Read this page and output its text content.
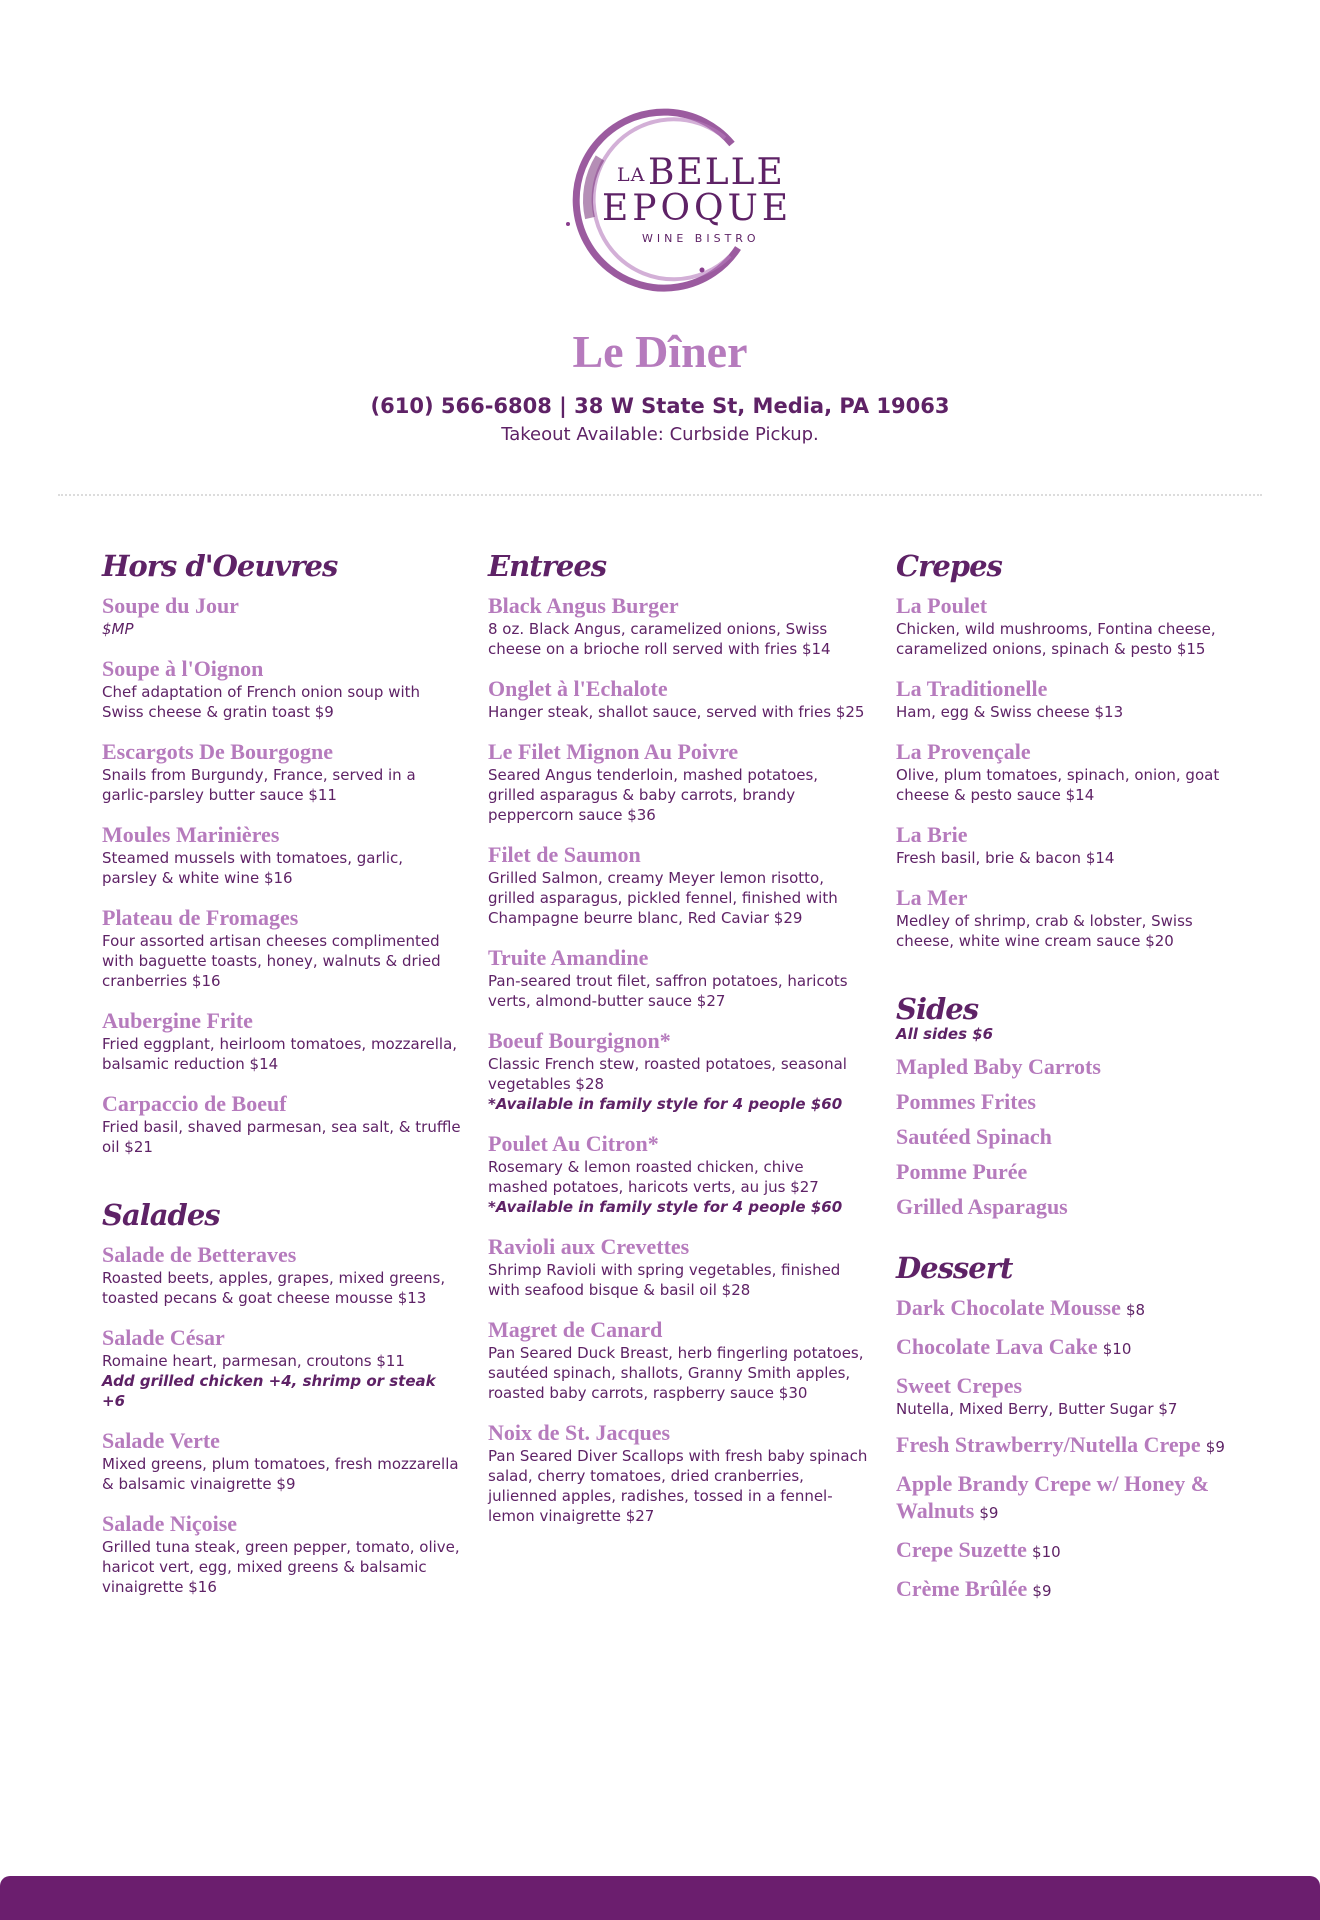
LA BELLE
EPOQUE
WINE BISTRO
Le Dîner
(610) 566-6808 | 38 W State St, Media, PA 19063
Takeout Available: Curbside Pickup.
Hors d'Oeuvres
Soupe du Jour
$MP
Soupe à l'Oignon
Chef adaptation of French onion soup with Swiss cheese & gratin toast $9
Escargots De Bourgogne
Snails from Burgundy, France, served in a garlic-parsley butter sauce $11
Moules Marinières
Steamed mussels with tomatoes, garlic, parsley & white wine $16
Plateau de Fromages
Four assorted artisan cheeses complimented with baguette toasts, honey, walnuts & dried cranberries $16
Aubergine Frite
Fried eggplant, heirloom tomatoes, mozzarella, balsamic reduction $14
Carpaccio de Boeuf
Fried basil, shaved parmesan, sea salt, & truffle oil $21
Salades
Salade de Betteraves
Roasted beets, apples, grapes, mixed greens, toasted pecans & goat cheese mousse $13
Salade César
Romaine heart, parmesan, croutons $11
Add grilled chicken +4, shrimp or steak +6
Salade Verte
Mixed greens, plum tomatoes, fresh mozzarella & balsamic vinaigrette $9
Salade Niçoise
Grilled tuna steak, green pepper, tomato, olive, haricot vert, egg, mixed greens & balsamic vinaigrette $16
Entrees
Black Angus Burger
8 oz. Black Angus, caramelized onions, Swiss cheese on a brioche roll served with fries $14
Onglet à l'Echalote
Hanger steak, shallot sauce, served with fries $25
Le Filet Mignon Au Poivre
Seared Angus tenderloin, mashed potatoes, grilled asparagus & baby carrots, brandy peppercorn sauce $36
Filet de Saumon
Grilled Salmon, creamy Meyer lemon risotto, grilled asparagus, pickled fennel, finished with Champagne beurre blanc, Red Caviar $29
Truite Amandine
Pan-seared trout filet, saffron potatoes, haricots verts, almond-butter sauce $27
Boeuf Bourgignon*
Classic French stew, roasted potatoes, seasonal vegetables $28
*Available in family style for 4 people $60
Poulet Au Citron*
Rosemary & lemon roasted chicken, chive mashed potatoes, haricots verts, au jus $27
*Available in family style for 4 people $60
Ravioli aux Crevettes
Shrimp Ravioli with spring vegetables, finished with seafood bisque & basil oil $28
Magret de Canard
Pan Seared Duck Breast, herb fingerling potatoes, sautéed spinach, shallots, Granny Smith apples, roasted baby carrots, raspberry sauce $30
Noix de St. Jacques
Pan Seared Diver Scallops with fresh baby spinach salad, cherry tomatoes, dried cranberries, julienned apples, radishes, tossed in a fennel-lemon vinaigrette $27
Crepes
La Poulet
Chicken, wild mushrooms, Fontina cheese, caramelized onions, spinach & pesto $15
La Traditionelle
Ham, egg & Swiss cheese $13
La Provençale
Olive, plum tomatoes, spinach, onion, goat cheese & pesto sauce $14
La Brie
Fresh basil, brie & bacon $14
La Mer
Medley of shrimp, crab & lobster, Swiss cheese, white wine cream sauce $20
Sides
All sides $6
Mapled Baby Carrots
Pommes Frites
Sautéed Spinach
Pomme Purée
Grilled Asparagus
Dessert
Dark Chocolate Mousse $8
Chocolate Lava Cake $10
Sweet Crepes
Nutella, Mixed Berry, Butter Sugar $7
Fresh Strawberry/Nutella Crepe $9
Apple Brandy Crepe w/ Honey & Walnuts $9
Crepe Suzette $10
Crème Brûlée $9
